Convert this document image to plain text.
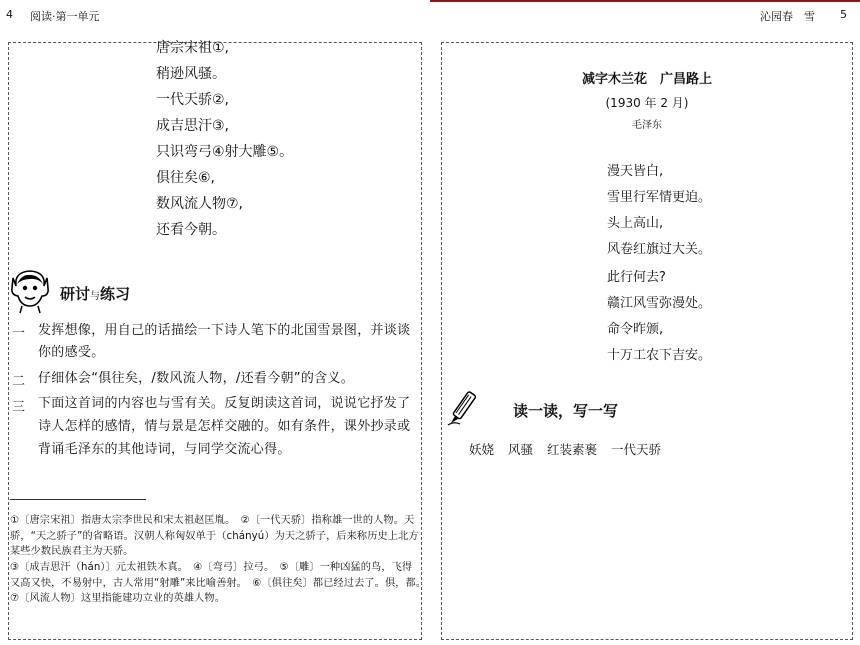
4 阅读·第一单元	沁园春　雪 5
唐宗宋祖①,
稍逊风骚。
一代天骄②,
成吉思汗③,
只识弯弓④射大雕⑤。
俱往矣⑥,
数风流人物⑦,
还看今朝。
研讨与练习
一 发挥想像，用自己的话描绘一下诗人笔下的北国雪景图，并谈谈你的感受。
二 仔细体会“俱往矣，/数风流人物，/还看今朝”的含义。
三 下面这首词的内容也与雪有关。反复朗读这首词，说说它抒发了诗人怎样的感情，情与景是怎样交融的。如有条件，课外抄录或背诵毛泽东的其他诗词，与同学交流心得。
①〔唐宗宋祖〕指唐太宗李世民和宋太祖赵匡胤。　②〔一代天骄〕指称雄一世的人物。天骄，“天之骄子”的省略语。汉朝人称匈奴单于（chányú）为天之骄子，后来称历史上北方某些少数民族君主为天骄。
③〔成吉思汗（hán）〕元太祖铁木真。　④〔弯弓〕拉弓。　⑤〔雕〕一种凶猛的鸟，飞得又高又快，不易射中，古人常用“射雕”来比喻善射。　⑥〔俱往矣〕都已经过去了。俱，都。　⑦〔风流人物〕这里指能建功立业的英雄人物。
减字木兰花　广昌路上
(1930 年 2 月)
毛泽东
漫天皆白,
雪里行军情更迫。
头上高山,
风卷红旗过大关。
此行何去?
赣江风雪弥漫处。
命令昨颁,
十万工农下吉安。
读一读，写一写
妖娆 风骚 红装素裹 一代天骄
